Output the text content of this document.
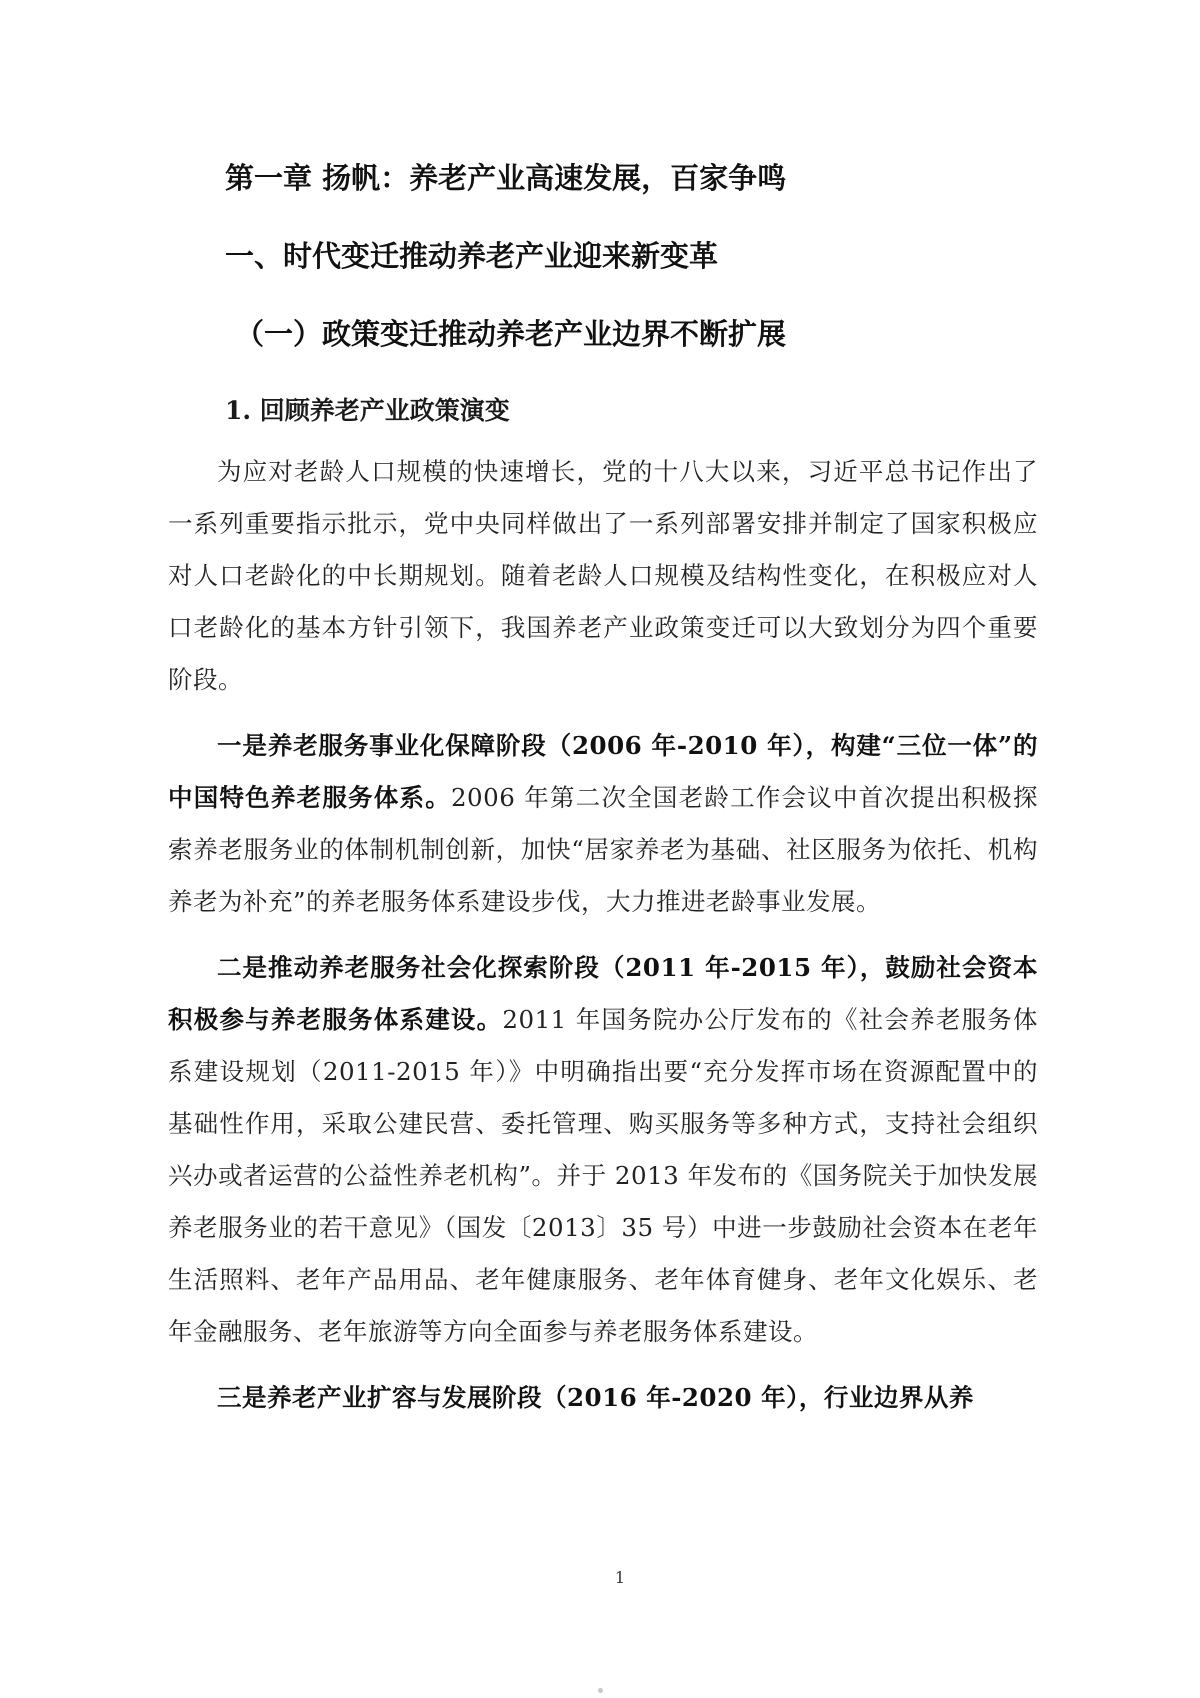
第一章 扬帆：养老产业高速发展，百家争鸣
一、时代变迁推动养老产业迎来新变革
（一）政策变迁推动养老产业边界不断扩展
1. 回顾养老产业政策演变

为应对老龄人口规模的快速增长，党的十八大以来，习近平总书记作出了一系列重要指示批示，党中央同样做出了一系列部署安排并制定了国家积极应对人口老龄化的中长期规划。随着老龄人口规模及结构性变化，在积极应对人口老龄化的基本方针引领下，我国养老产业政策变迁可以大致划分为四个重要阶段。

一是养老服务事业化保障阶段（2006 年-2010 年），构建“三位一体”的中国特色养老服务体系。2006 年第二次全国老龄工作会议中首次提出积极探索养老服务业的体制机制创新，加快“居家养老为基础、社区服务为依托、机构养老为补充”的养老服务体系建设步伐，大力推进老龄事业发展。

二是推动养老服务社会化探索阶段（2011 年-2015 年），鼓励社会资本积极参与养老服务体系建设。2011 年国务院办公厅发布的《社会养老服务体系建设规划（2011-2015 年）》中明确指出要“充分发挥市场在资源配置中的基础性作用，采取公建民营、委托管理、购买服务等多种方式，支持社会组织兴办或者运营的公益性养老机构”。并于 2013 年发布的《国务院关于加快发展养老服务业的若干意见》（国发〔2013〕35 号）中进一步鼓励社会资本在老年生活照料、老年产品用品、老年健康服务、老年体育健身、老年文化娱乐、老年金融服务、老年旅游等方向全面参与养老服务体系建设。

三是养老产业扩容与发展阶段（2016 年-2020 年），行业边界从养

1
